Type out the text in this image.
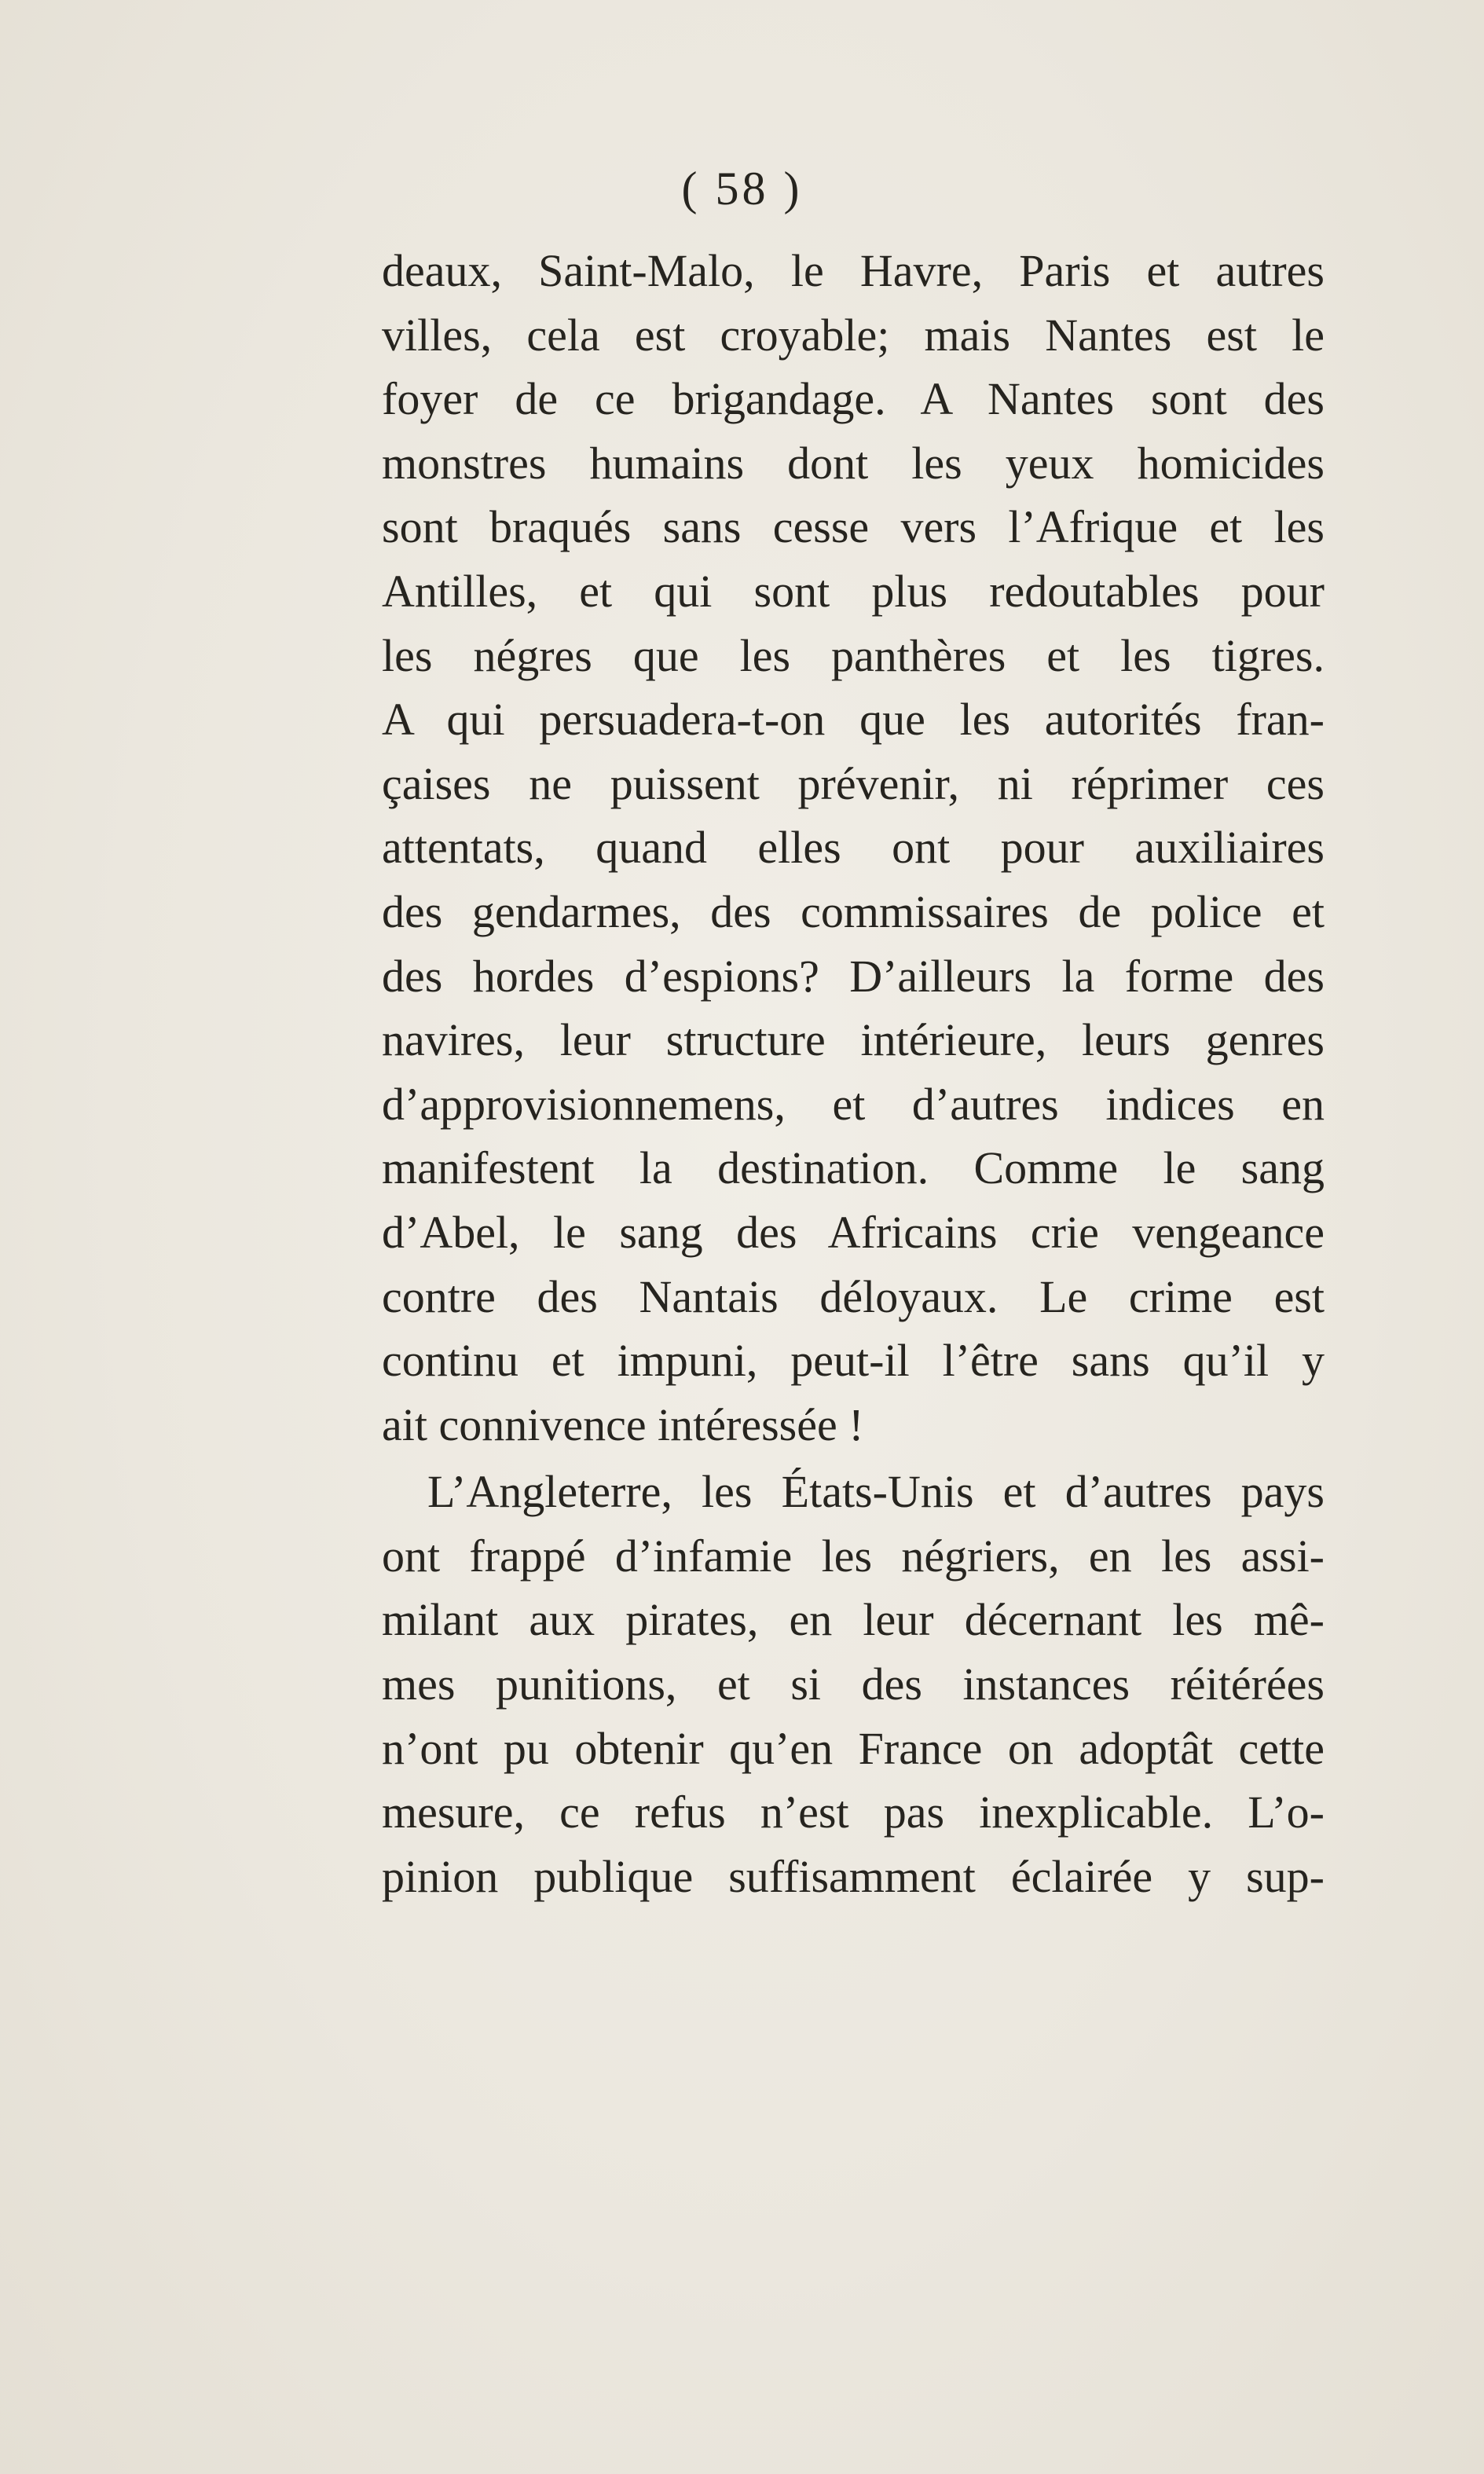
( 58 )
deaux, Saint-Malo, le Havre, Paris et autres
villes, cela est croyable; mais Nantes est le
foyer de ce brigandage. A Nantes sont des
monstres humains dont les yeux homicides
sont braqués sans cesse vers l’Afrique et les
Antilles, et qui sont plus redoutables pour
les négres que les panthères et les tigres.
A qui persuadera-t-on que les autorités fran-
çaises ne puissent prévenir, ni réprimer ces
attentats, quand elles ont pour auxiliaires
des gendarmes, des commissaires de police et
des hordes d’espions? D’ailleurs la forme des
navires, leur structure intérieure, leurs genres
d’approvisionnemens, et d’autres indices en
manifestent la destination. Comme le sang
d’Abel, le sang des Africains crie vengeance
contre des Nantais déloyaux. Le crime est
continu et impuni, peut-il l’être sans qu’il y
ait connivence intéressée !
L’Angleterre, les États-Unis et d’autres pays
ont frappé d’infamie les négriers, en les assi-
milant aux pirates, en leur décernant les mê-
mes punitions, et si des instances réitérées
n’ont pu obtenir qu’en France on adoptât cette
mesure, ce refus n’est pas inexplicable. L’o-
pinion publique suffisamment éclairée y sup-
